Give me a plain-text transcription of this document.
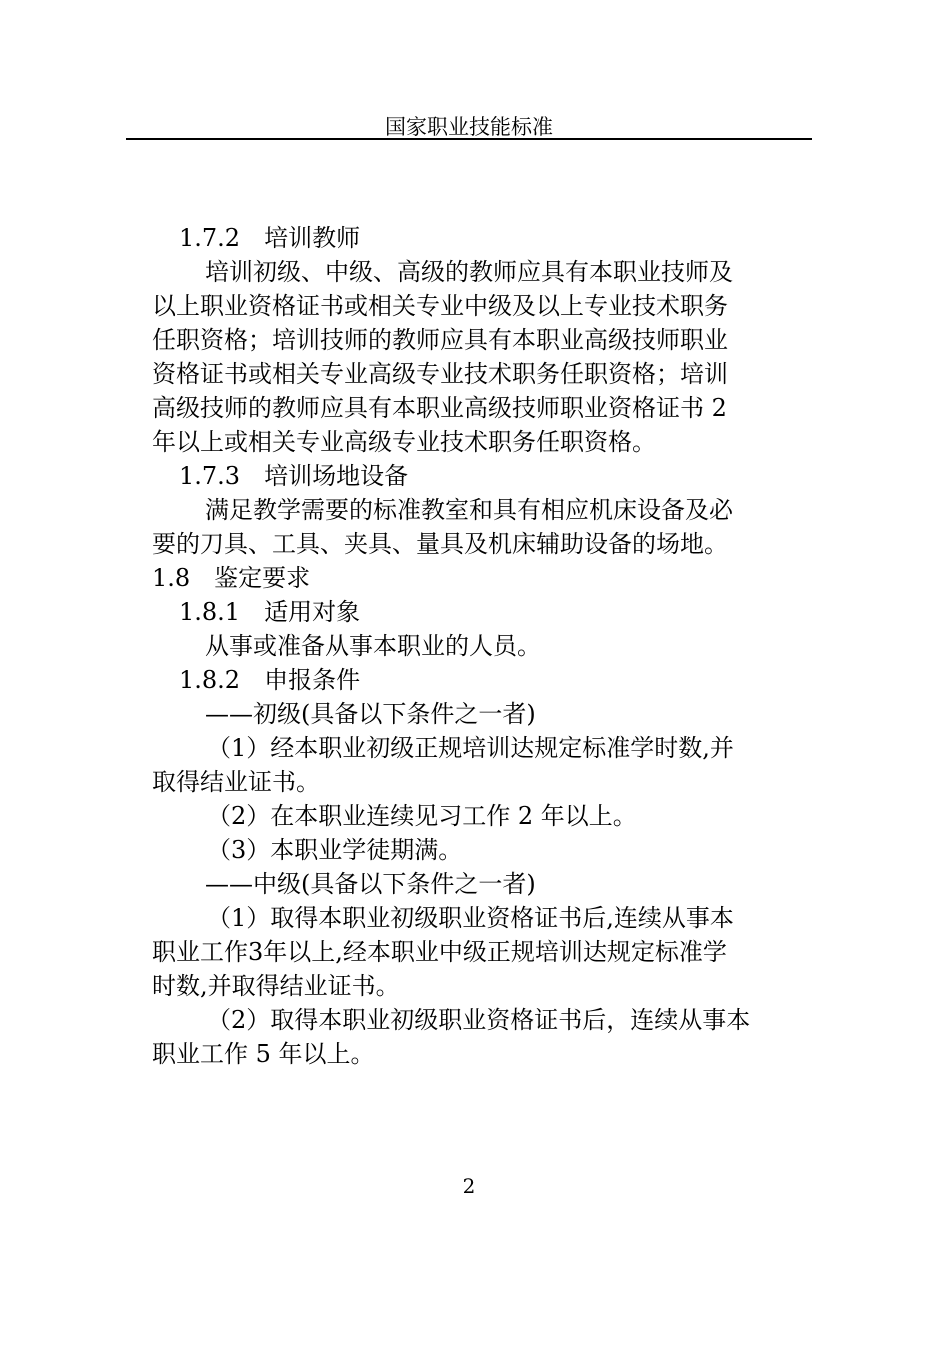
国家职业技能标准

1.7.2　培训教师

培训初级、中级、高级的教师应具有本职业技师及

以上职业资格证书或相关专业中级及以上专业技术职务

任职资格；培训技师的教师应具有本职业高级技师职业

资格证书或相关专业高级专业技术职务任职资格；培训

高级技师的教师应具有本职业高级技师职业资格证书 2

年以上或相关专业高级专业技术职务任职资格。

1.7.3　培训场地设备

满足教学需要的标准教室和具有相应机床设备及必

要的刀具、工具、夹具、量具及机床辅助设备的场地。

1.8　鉴定要求

1.8.1　适用对象

从事或准备从事本职业的人员。

1.8.2　申报条件

——初级(具备以下条件之一者)

（1）经本职业初级正规培训达规定标准学时数,并

取得结业证书。

（2）在本职业连续见习工作 2 年以上。

（3）本职业学徒期满。

——中级(具备以下条件之一者)

（1）取得本职业初级职业资格证书后,连续从事本

职业工作3年以上,经本职业中级正规培训达规定标准学

时数,并取得结业证书。

（2）取得本职业初级职业资格证书后，连续从事本

职业工作 5 年以上。

2
